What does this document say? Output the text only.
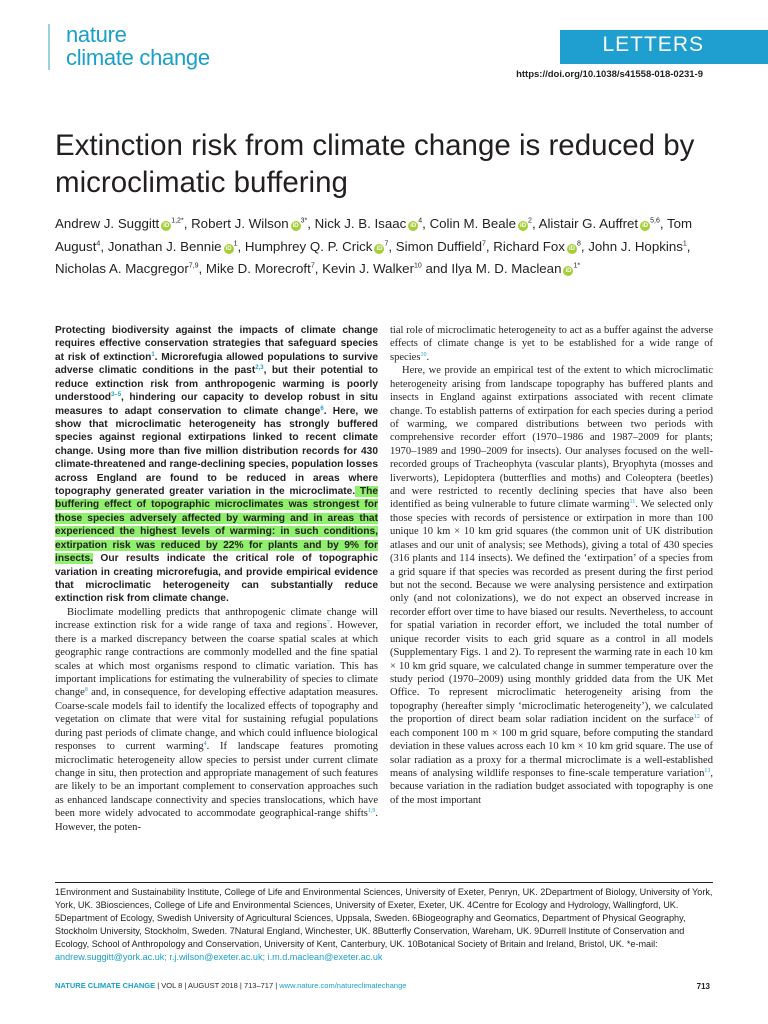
nature
climate change
LETTERS
https://doi.org/10.1038/s41558-018-0231-9
Extinction risk from climate change is reduced by microclimatic buffering
Andrew J. Suggitt $iD^{1,2*}$, Robert J. Wilson $iD^{3*}$, Nick J. B. Isaac $iD^4$, Colin M. Beale $iD^2$, Alistair G. Auffret iD$^{5,6}$, Tom August$^4$, Jonathan J. Bennie $iD^1$, Humphrey Q. P. Crick $iD^7$, Simon Duffield$^7$, Richard Fox $iD^8$, John J. Hopkins$^1$, Nicholas A. Macgregor$^{7,9}$, Mike D. Morecroft$^7$, Kevin J. Walker$^{10}$ and Ilya M. D. Maclean $iD^{1*}$

Protecting biodiversity against the impacts of climate change requires effective conservation strategies that safeguard species at risk of extinction$^1$. Microrefugia allowed populations to survive adverse climatic conditions in the past$^{2,3}$, but their potential to reduce extinction risk from anthropogenic warming is poorly understood$^{3-5}$, hindering our capacity to develop robust in situ measures to adapt conservation to climate change$^6$. Here, we show that microclimatic heterogeneity has strongly buffered species against regional extirpations linked to recent climate change. Using more than five million distribution records for 430 climate-threatened and range-declining species, population losses across England are found to be reduced in areas where topography generated greater variation in the microclimate. The buffering effect of topographic microclimates was strongest for those species adversely affected by warming and in areas that experienced the highest levels of warming: in such conditions, extirpation risk was reduced by 22% for plants and by 9% for insects. Our results indicate the critical role of topographic variation in creating microrefugia, and provide empirical evidence that microclimatic heterogeneity can substantially reduce extinction risk from climate change.

Bioclimate modelling predicts that anthropogenic climate change will increase extinction risk for a wide range of taxa and regions$^7$. However, there is a marked discrepancy between the coarse spatial scales at which geographic range contractions are commonly modelled and the fine spatial scales at which most organisms respond to climatic variation. This has important implications for estimating the vulnerability of species to climate change$^8$ and, in consequence, for developing effective adaptation measures. Coarse-scale models fail to identify the localized effects of topography and vegetation on climate that were vital for sustaining refugial populations during past periods of climate change, and which could influence biological responses to current warming$^4$. If landscape features promoting microclimatic heterogeneity allow species to persist under current climate change in situ, then protection and appropriate management of such features are likely to be an important complement to conservation approaches such as enhanced landscape connectivity and species translocations, which have been more widely advocated to accommodate geographical-range shifts$^{1,9}$. However, the poten-

tial role of microclimatic heterogeneity to act as a buffer against the adverse effects of climate change is yet to be established for a wide range of species$^{10}$.

Here, we provide an empirical test of the extent to which microclimatic heterogeneity arising from landscape topography has buffered plants and insects in England against extirpations associated with recent climate change. To establish patterns of extirpation for each species during a period of warming, we compared distributions between two periods with comprehensive recorder effort (1970–1986 and 1987–2009 for plants; 1970–1989 and 1990–2009 for insects). Our analyses focused on the well-recorded groups of Tracheophyta (vascular plants), Bryophyta (mosses and liverworts), Lepidoptera (butterflies and moths) and Coleoptera (beetles) and were restricted to recently declining species that have also been identified as being vulnerable to future climate warming$^{11}$. We selected only those species with records of persistence or extirpation in more than 100 unique 10 km × 10 km grid squares (the common unit of UK distribution atlases and our unit of analysis; see Methods), giving a total of 430 species (316 plants and 114 insects). We defined the ‘extirpation’ of a species from a grid square if that species was recorded as present during the first period but not the second. Because we were analysing persistence and extirpation only (and not colonizations), we do not expect an observed increase in recorder effort over time to have biased our results. Nevertheless, to account for spatial variation in recorder effort, we included the total number of unique recorder visits to each grid square as a control in all models (Supplementary Figs. 1 and 2). To represent the warming rate in each 10 km × 10 km grid square, we calculated change in summer temperature over the study period (1970–2009) using monthly gridded data from the UK Met Office. To represent microclimatic heterogeneity arising from the topography (hereafter simply ‘microclimatic heterogeneity’), we calculated the proportion of direct beam solar radiation incident on the surface$^{12}$ of each component 100 m × 100 m grid square, before computing the standard deviation in these values across each 10 km × 10 km grid square. The use of solar radiation as a proxy for a thermal microclimate is a well-established means of analysing wildlife responses to fine-scale temperature variation$^{13}$, because variation in the radiation budget associated with topography is one of the most important

1Environment and Sustainability Institute, College of Life and Environmental Sciences, University of Exeter, Penryn, UK. 2Department of Biology, University of York, York, UK. 3Biosciences, College of Life and Environmental Sciences, University of Exeter, Exeter, UK. 4Centre for Ecology and Hydrology, Wallingford, UK. 5Department of Ecology, Swedish University of Agricultural Sciences, Uppsala, Sweden. 6Biogeography and Geomatics, Department of Physical Geography, Stockholm University, Stockholm, Sweden. 7Natural England, Winchester, UK. 8Butterfly Conservation, Wareham, UK. 9Durrell Institute of Conservation and Ecology, School of Anthropology and Conservation, University of Kent, Canterbury, UK. 10Botanical Society of Britain and Ireland, Bristol, UK. *e-mail: andrew.suggitt@york.ac.uk; r.j.wilson@exeter.ac.uk; i.m.d.maclean@exeter.ac.uk
NATURE CLIMATE CHANGE | VOL 8 | AUGUST 2018 | 713–717 | www.nature.com/natureclimatechange	713
